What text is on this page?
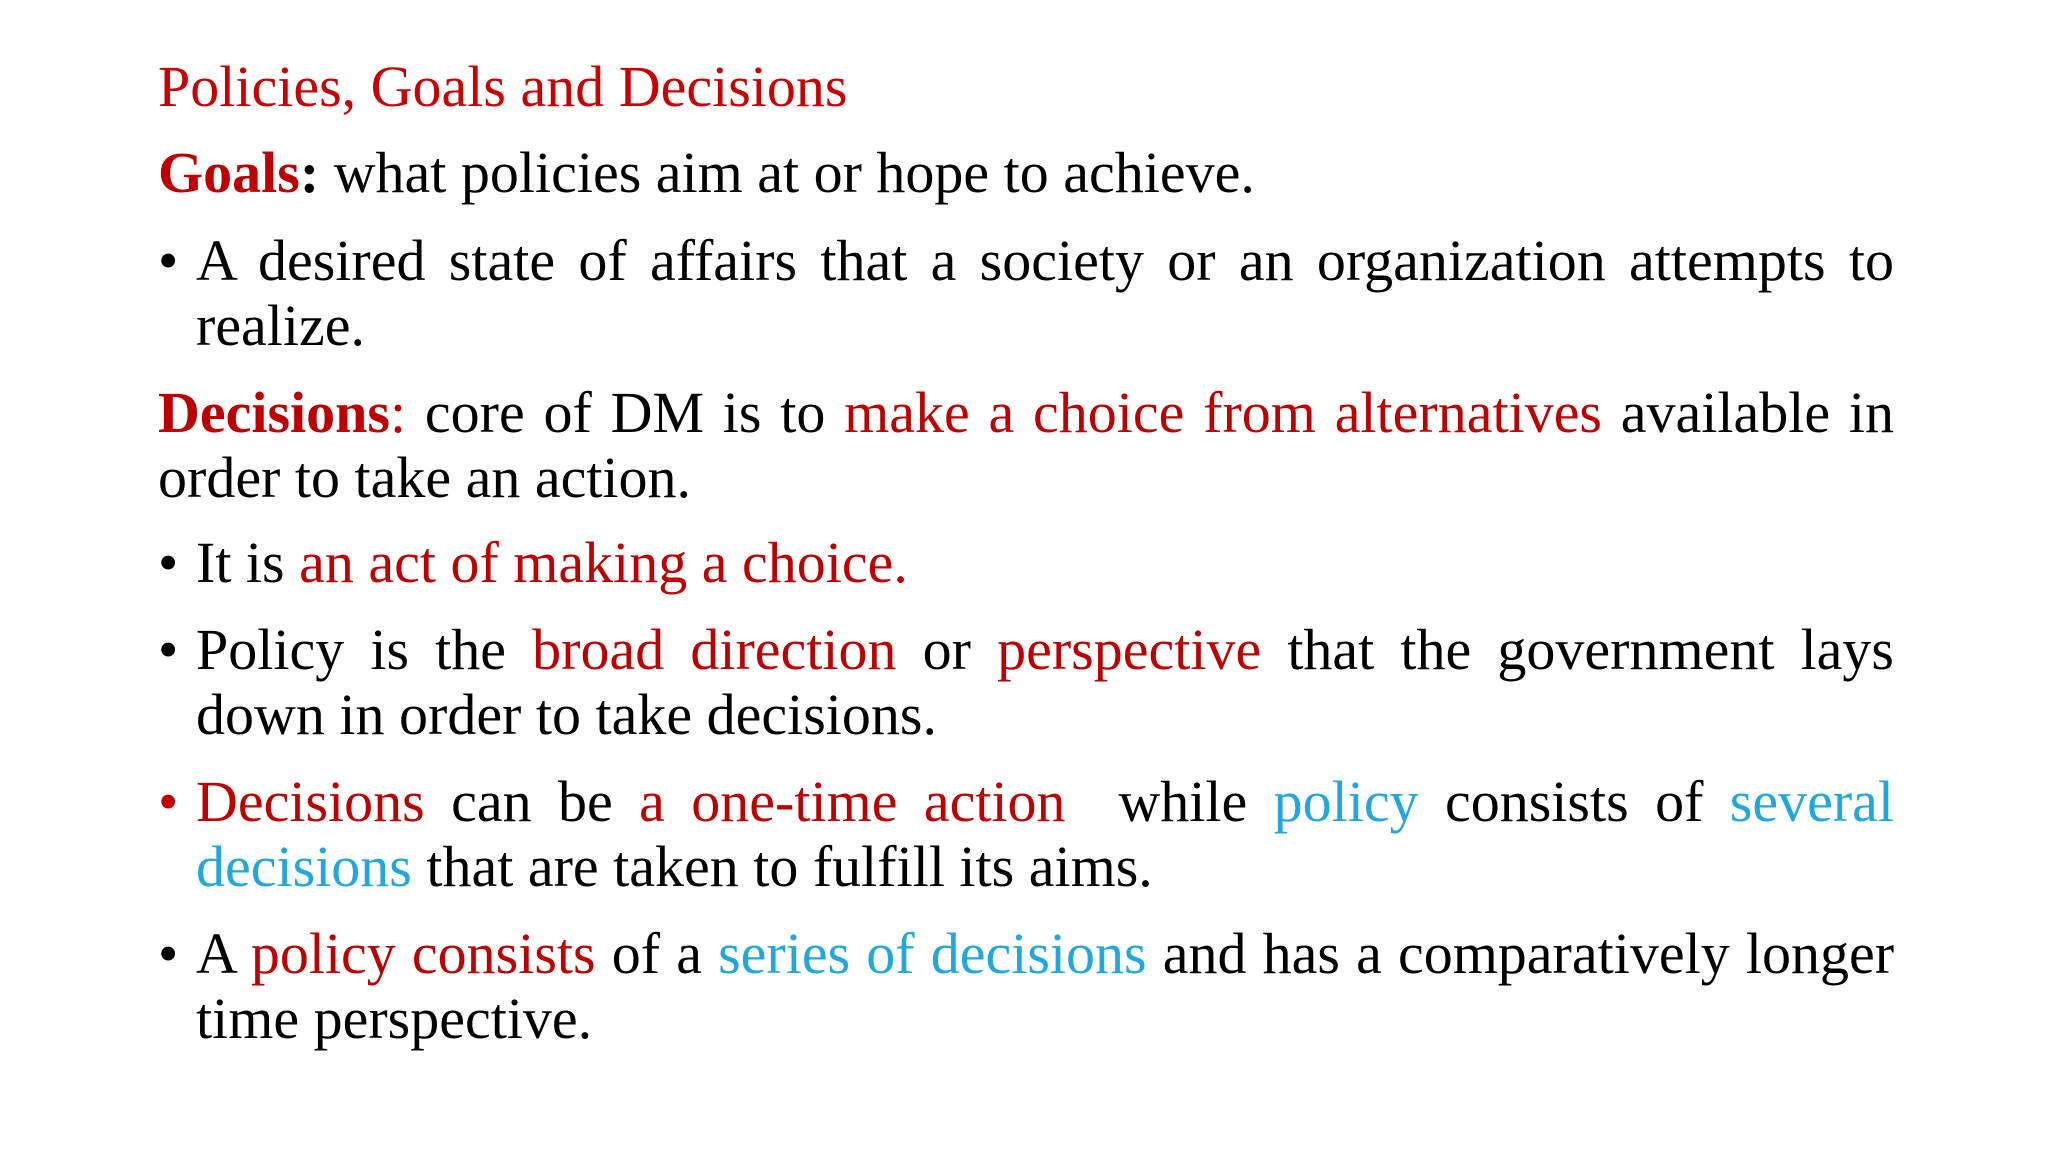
Policies, Goals and Decisions
Goals: what policies aim at or hope to achieve.
• A desired state of affairs that a society or an organization attempts to realize.
Decisions: core of DM is to make a choice from alternatives available in order to take an action.
• It is an act of making a choice.
• Policy is the broad direction or perspective that the government lays down in order to take decisions.
• Decisions can be a one-time action  while policy consists of several decisions that are taken to fulfill its aims.
• A policy consists of a series of decisions and has a comparatively longer time perspective.
